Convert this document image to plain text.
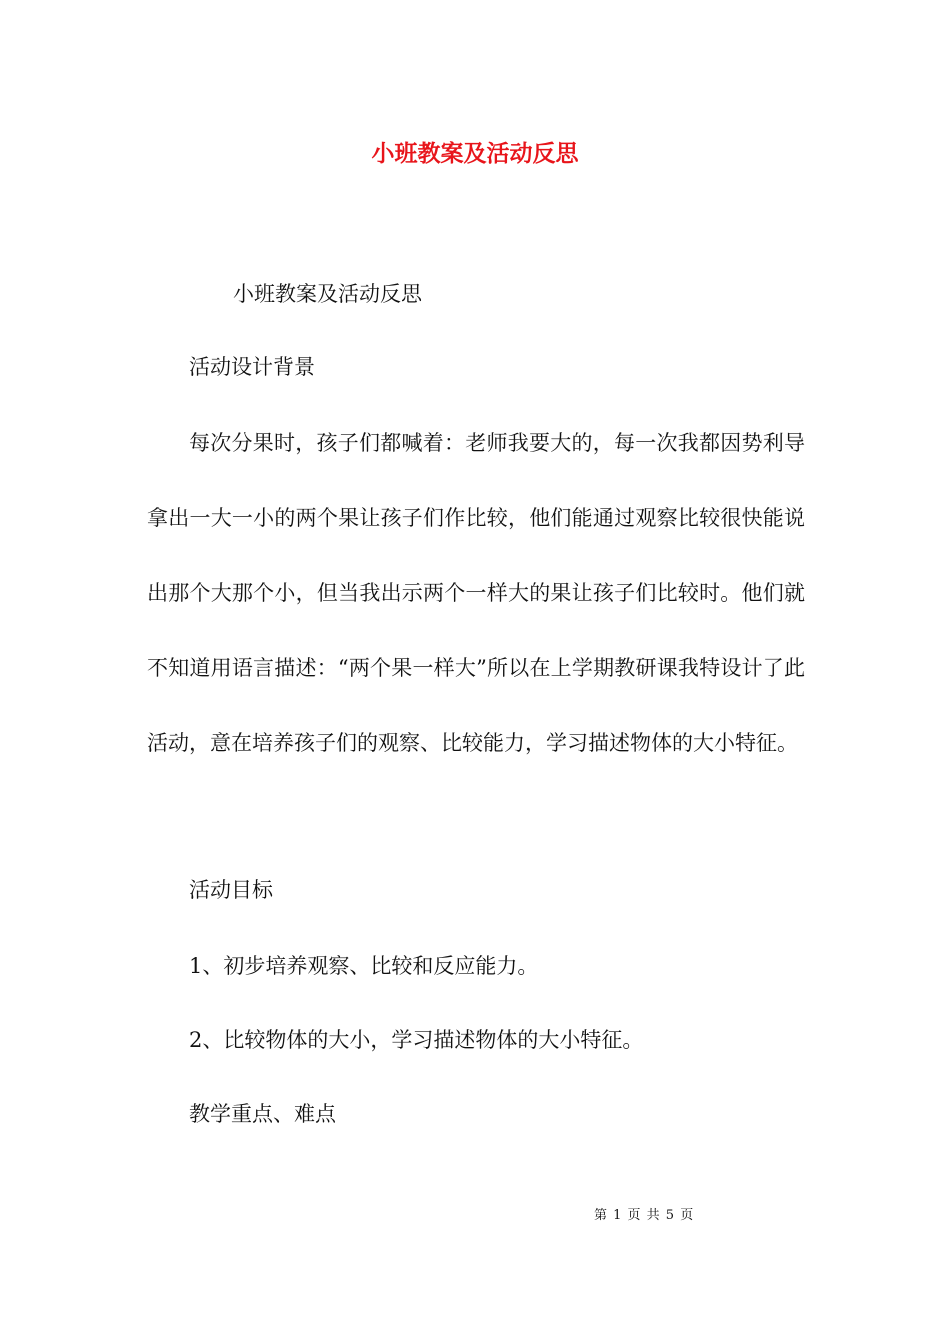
小班教案及活动反思
小班教案及活动反思
活动设计背景
每次分果时，孩子们都喊着：老师我要大的，每一次我都因势利导拿出一大一小的两个果让孩子们作比较，他们能通过观察比较很快能说出那个大那个小，但当我出示两个一样大的果让孩子们比较时。他们就不知道用语言描述：“两个果一样大”所以在上学期教研课我特设计了此活动，意在培养孩子们的观察、比较能力，学习描述物体的大小特征。
活动目标
1、初步培养观察、比较和反应能力。
2、比较物体的大小，学习描述物体的大小特征。
教学重点、难点
第 1 页 共 5 页
